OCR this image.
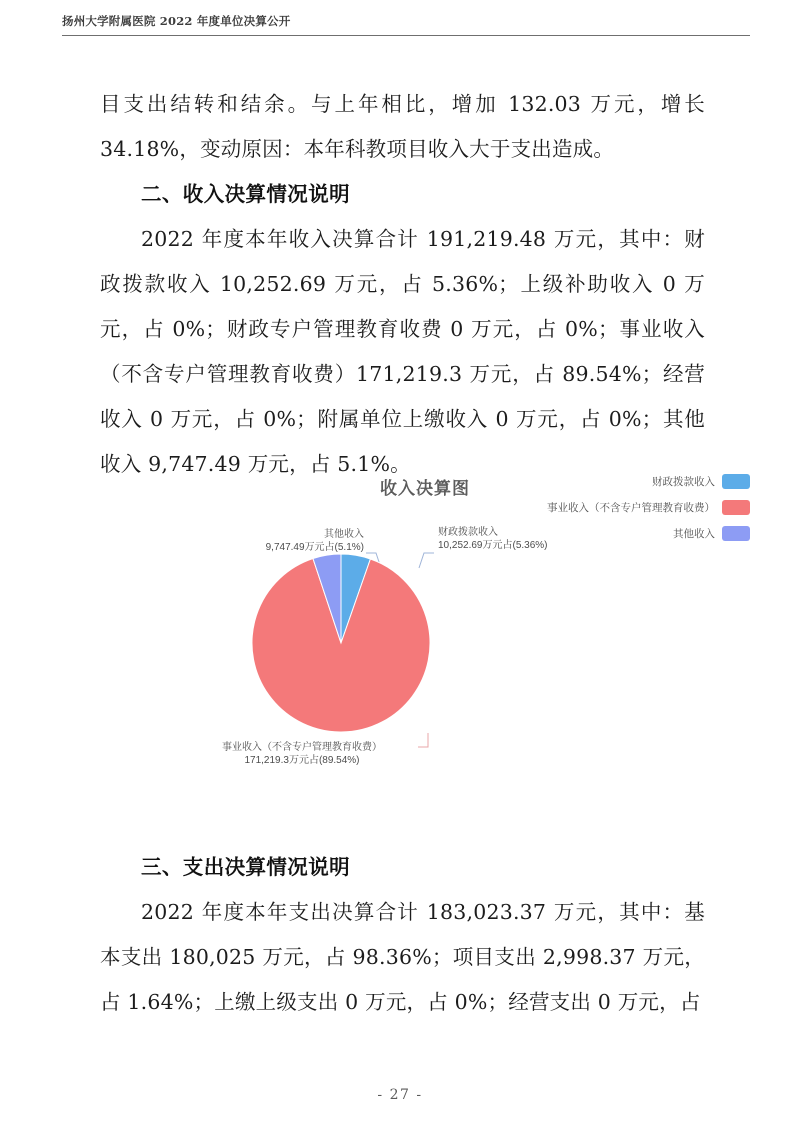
扬州大学附属医院 2022 年度单位决算公开

目支出结转和结余。与上年相比，增加 132.03 万元，增长 34.18%，变动原因：本年科教项目收入大于支出造成。

二、收入决算情况说明

2022 年度本年收入决算合计 191,219.48 万元，其中：财政拨款收入 10,252.69 万元，占 5.36%；上级补助收入 0 万元，占 0%；财政专户管理教育收费 0 万元，占 0%；事业收入（不含专户管理教育收费）171,219.3 万元，占 89.54%；经营收入 0 万元，占 0%；附属单位上缴收入 0 万元，占 0%；其他收入 9,747.49 万元，占 5.1%。

收入决算图	财政拨款收入
事业收入（不含专户管理教育收费）
其他收入
其他收入
9,747.49万元占(5.1%)
财政拨款收入
10,252.69万元占(5.36%)
事业收入（不含专户管理教育收费）
171,219.3万元占(89.54%)

三、支出决算情况说明

2022 年度本年支出决算合计 183,023.37 万元，其中：基本支出 180,025 万元，占 98.36%；项目支出 2,998.37 万元，占 1.64%；上缴上级支出 0 万元，占 0%；经营支出 0 万元，占

- 27 -
